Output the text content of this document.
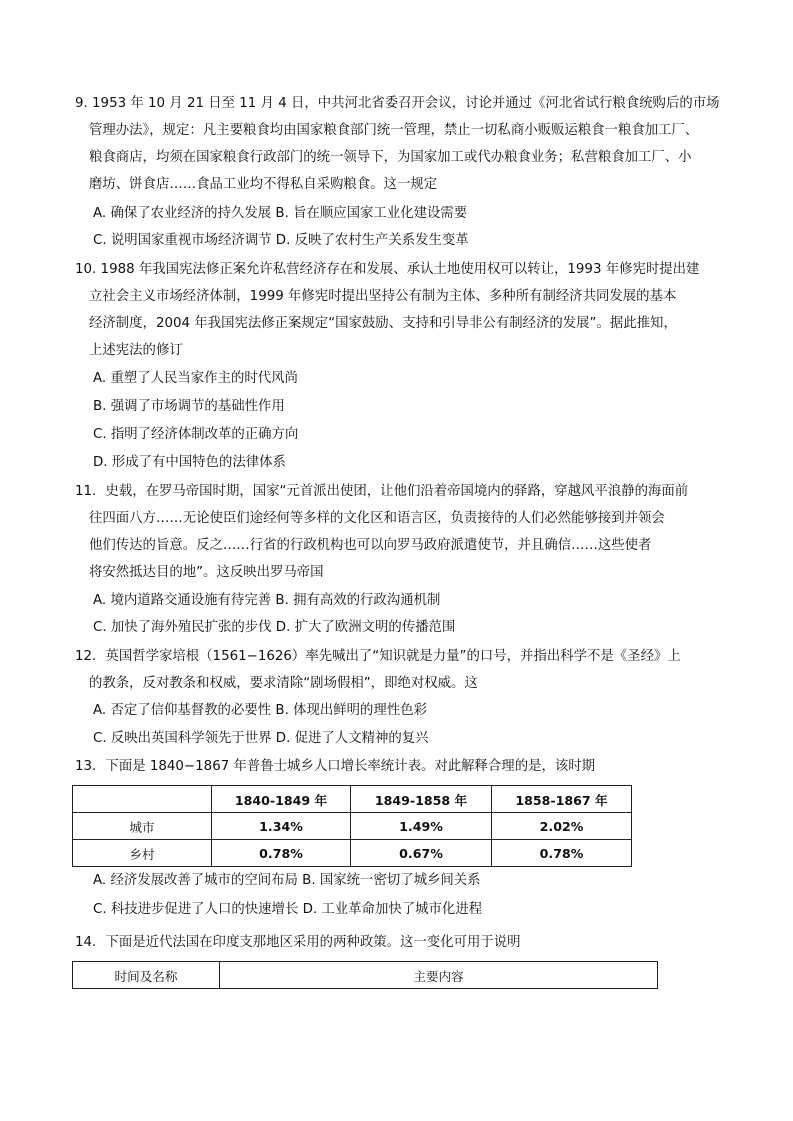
9. 1953 年 10 月 21 日至 11 月 4 日，中共河北省委召开会议，讨论并通过《河北省试行粮食统购后的市场
管理办法》，规定：凡主要粮食均由国家粮食部门统一管理，禁止一切私商小贩贩运粮食一粮食加工厂、
粮食商店，均须在国家粮食行政部门的统一领导下，为国家加工或代办粮食业务；私营粮食加工厂、小
磨坊、饼食店……食品工业均不得私自采购粮食。这一规定
A. 确保了农业经济的持久发展 B. 旨在顺应国家工业化建设需要
C. 说明国家重视市场经济调节 D. 反映了农村生产关系发生变革
10. 1988 年我国宪法修正案允许私营经济存在和发展、承认土地使用权可以转让，1993 年修宪时提出建
立社会主义市场经济体制，1999 年修宪时提出坚持公有制为主体、多种所有制经济共同发展的基本
经济制度，2004 年我国宪法修正案规定“国家鼓励、支持和引导非公有制经济的发展”。据此推知，
上述宪法的修订
A. 重塑了人民当家作主的时代风尚
B. 强调了市场调节的基础性作用
C. 指明了经济体制改革的正确方向
D. 形成了有中国特色的法律体系
11．史载，在罗马帝国时期，国家“元首派出使团，让他们沿着帝国境内的驿路，穿越风平浪静的海面前
往四面八方……无论使臣们途经何等多样的文化区和语言区，负责接待的人们必然能够接到并领会
他们传达的旨意。反之……行省的行政机构也可以向罗马政府派遣使节，并且确信……这些使者
将安然抵达目的地”。这反映出罗马帝国
A. 境内道路交通设施有待完善 B. 拥有高效的行政沟通机制
C. 加快了海外殖民扩张的步伐 D. 扩大了欧洲文明的传播范围
12．英国哲学家培根（1561−1626）率先喊出了“知识就是力量”的口号，并指出科学不是《圣经》上
的教条，反对教条和权威，要求清除“剧场假相”，即绝对权威。这
A. 否定了信仰基督教的必要性 B. 体现出鲜明的理性色彩
C. 反映出英国科学领先于世界 D. 促进了人文精神的复兴
13．下面是 1840−1867 年普鲁士城乡人口增长率统计表。对此解释合理的是，该时期
	1840-1849 年	1849-1858 年	1858-1867 年
城市	1.34%	1.49%	2.02%
乡村	0.78%	0.67%	0.78%
A. 经济发展改善了城市的空间布局 B. 国家统一密切了城乡间关系
C. 科技进步促进了人口的快速增长 D. 工业革命加快了城市化进程
14．下面是近代法国在印度支那地区采用的两种政策。这一变化可用于说明
时间及名称	主要内容
